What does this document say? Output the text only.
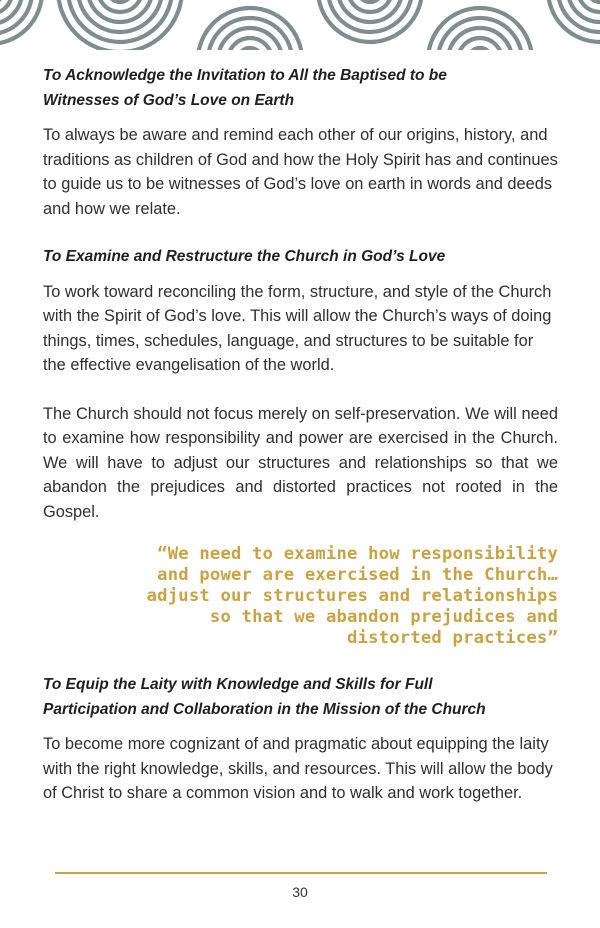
To Acknowledge the Invitation to All the Baptised to be
Witnesses of God’s Love on Earth

To always be aware and remind each other of our origins, history, and traditions as children of God and how the Holy Spirit has and continues to guide us to be witnesses of God’s love on earth in words and deeds and how we relate.

To Examine and Restructure the Church in God’s Love

To work toward reconciling the form, structure, and style of the Church with the Spirit of God’s love. This will allow the Church’s ways of doing things, times, schedules, language, and structures to be suitable for the effective evangelisation of the world.

The Church should not focus merely on self-preservation. We will need to examine how responsibility and power are exercised in the Church. We will have to adjust our structures and relationships so that we abandon the prejudices and distorted practices not rooted in the Gospel.

“We need to examine how responsibility
and power are exercised in the Church…
adjust our structures and relationships
so that we abandon prejudices and
distorted practices”
To Equip the Laity with Knowledge and Skills for Full
Participation and Collaboration in the Mission of the Church

To become more cognizant of and pragmatic about equipping the laity with the right knowledge, skills, and resources. This will allow the body of Christ to share a common vision and to walk and work together.

30
